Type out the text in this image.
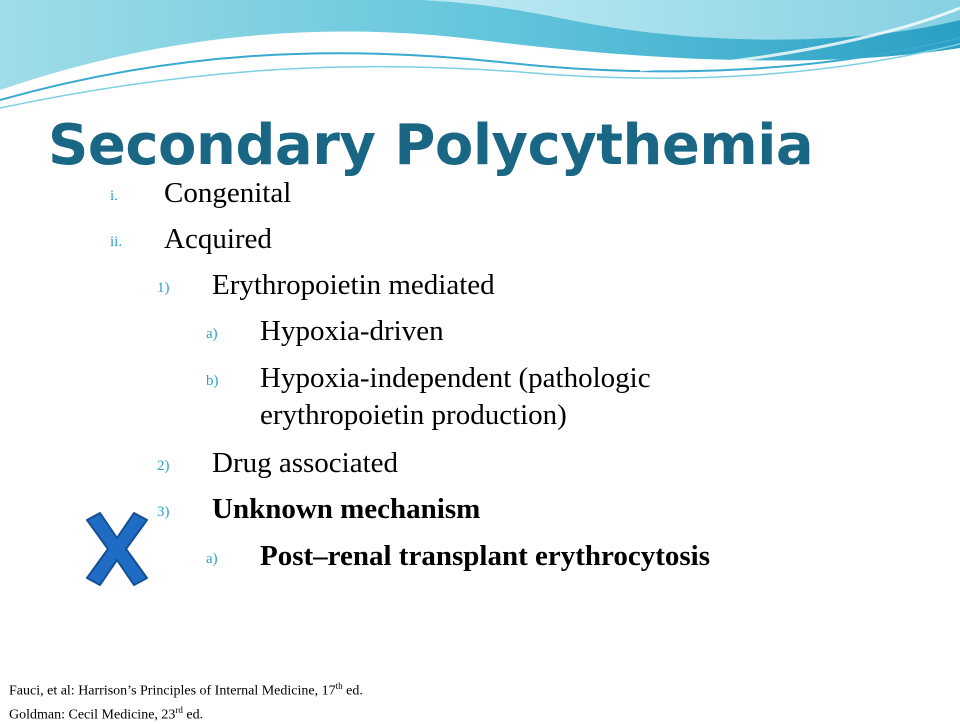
Secondary Polycythemia
i. Congenital
ii. Acquired
1) Erythropoietin mediated
a) Hypoxia-driven
b) Hypoxia-independent (pathologic
erythropoietin production)
2) Drug associated
3) Unknown mechanism
a) Post–renal transplant erythrocytosis
Fauci, et al: Harrison’s Principles of Internal Medicine, 17th ed.
Goldman: Cecil Medicine, 23rd ed.
